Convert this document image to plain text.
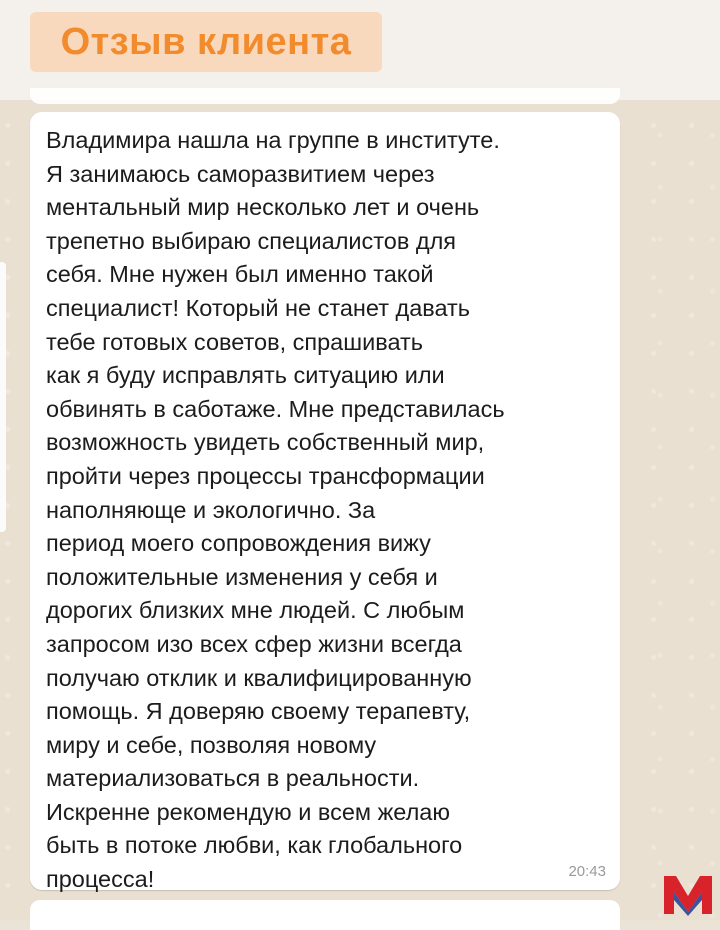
Отзыв клиента

Владимира нашла на группе в институте.
Я занимаюсь саморазвитием через
ментальный мир несколько лет и очень
трепетно выбираю специалистов для
себя. Мне нужен был именно такой
специалист! Который не станет давать
тебе готовых советов, спрашивать
как я буду исправлять ситуацию или
обвинять в саботаже. Мне представилась
возможность увидеть собственный мир,
пройти через процессы трансформации
наполняюще и экологично. За
период моего сопровождения вижу
положительные изменения у себя и
дорогих близких мне людей. С любым
запросом изо всех сфер жизни всегда
получаю отклик и квалифицированную
помощь. Я доверяю своему терапевту,
миру и себе, позволяя новому
материализоваться в реальности.
Искренне рекомендую и всем желаю
быть в потоке любви, как глобального
процесса!	20:43
